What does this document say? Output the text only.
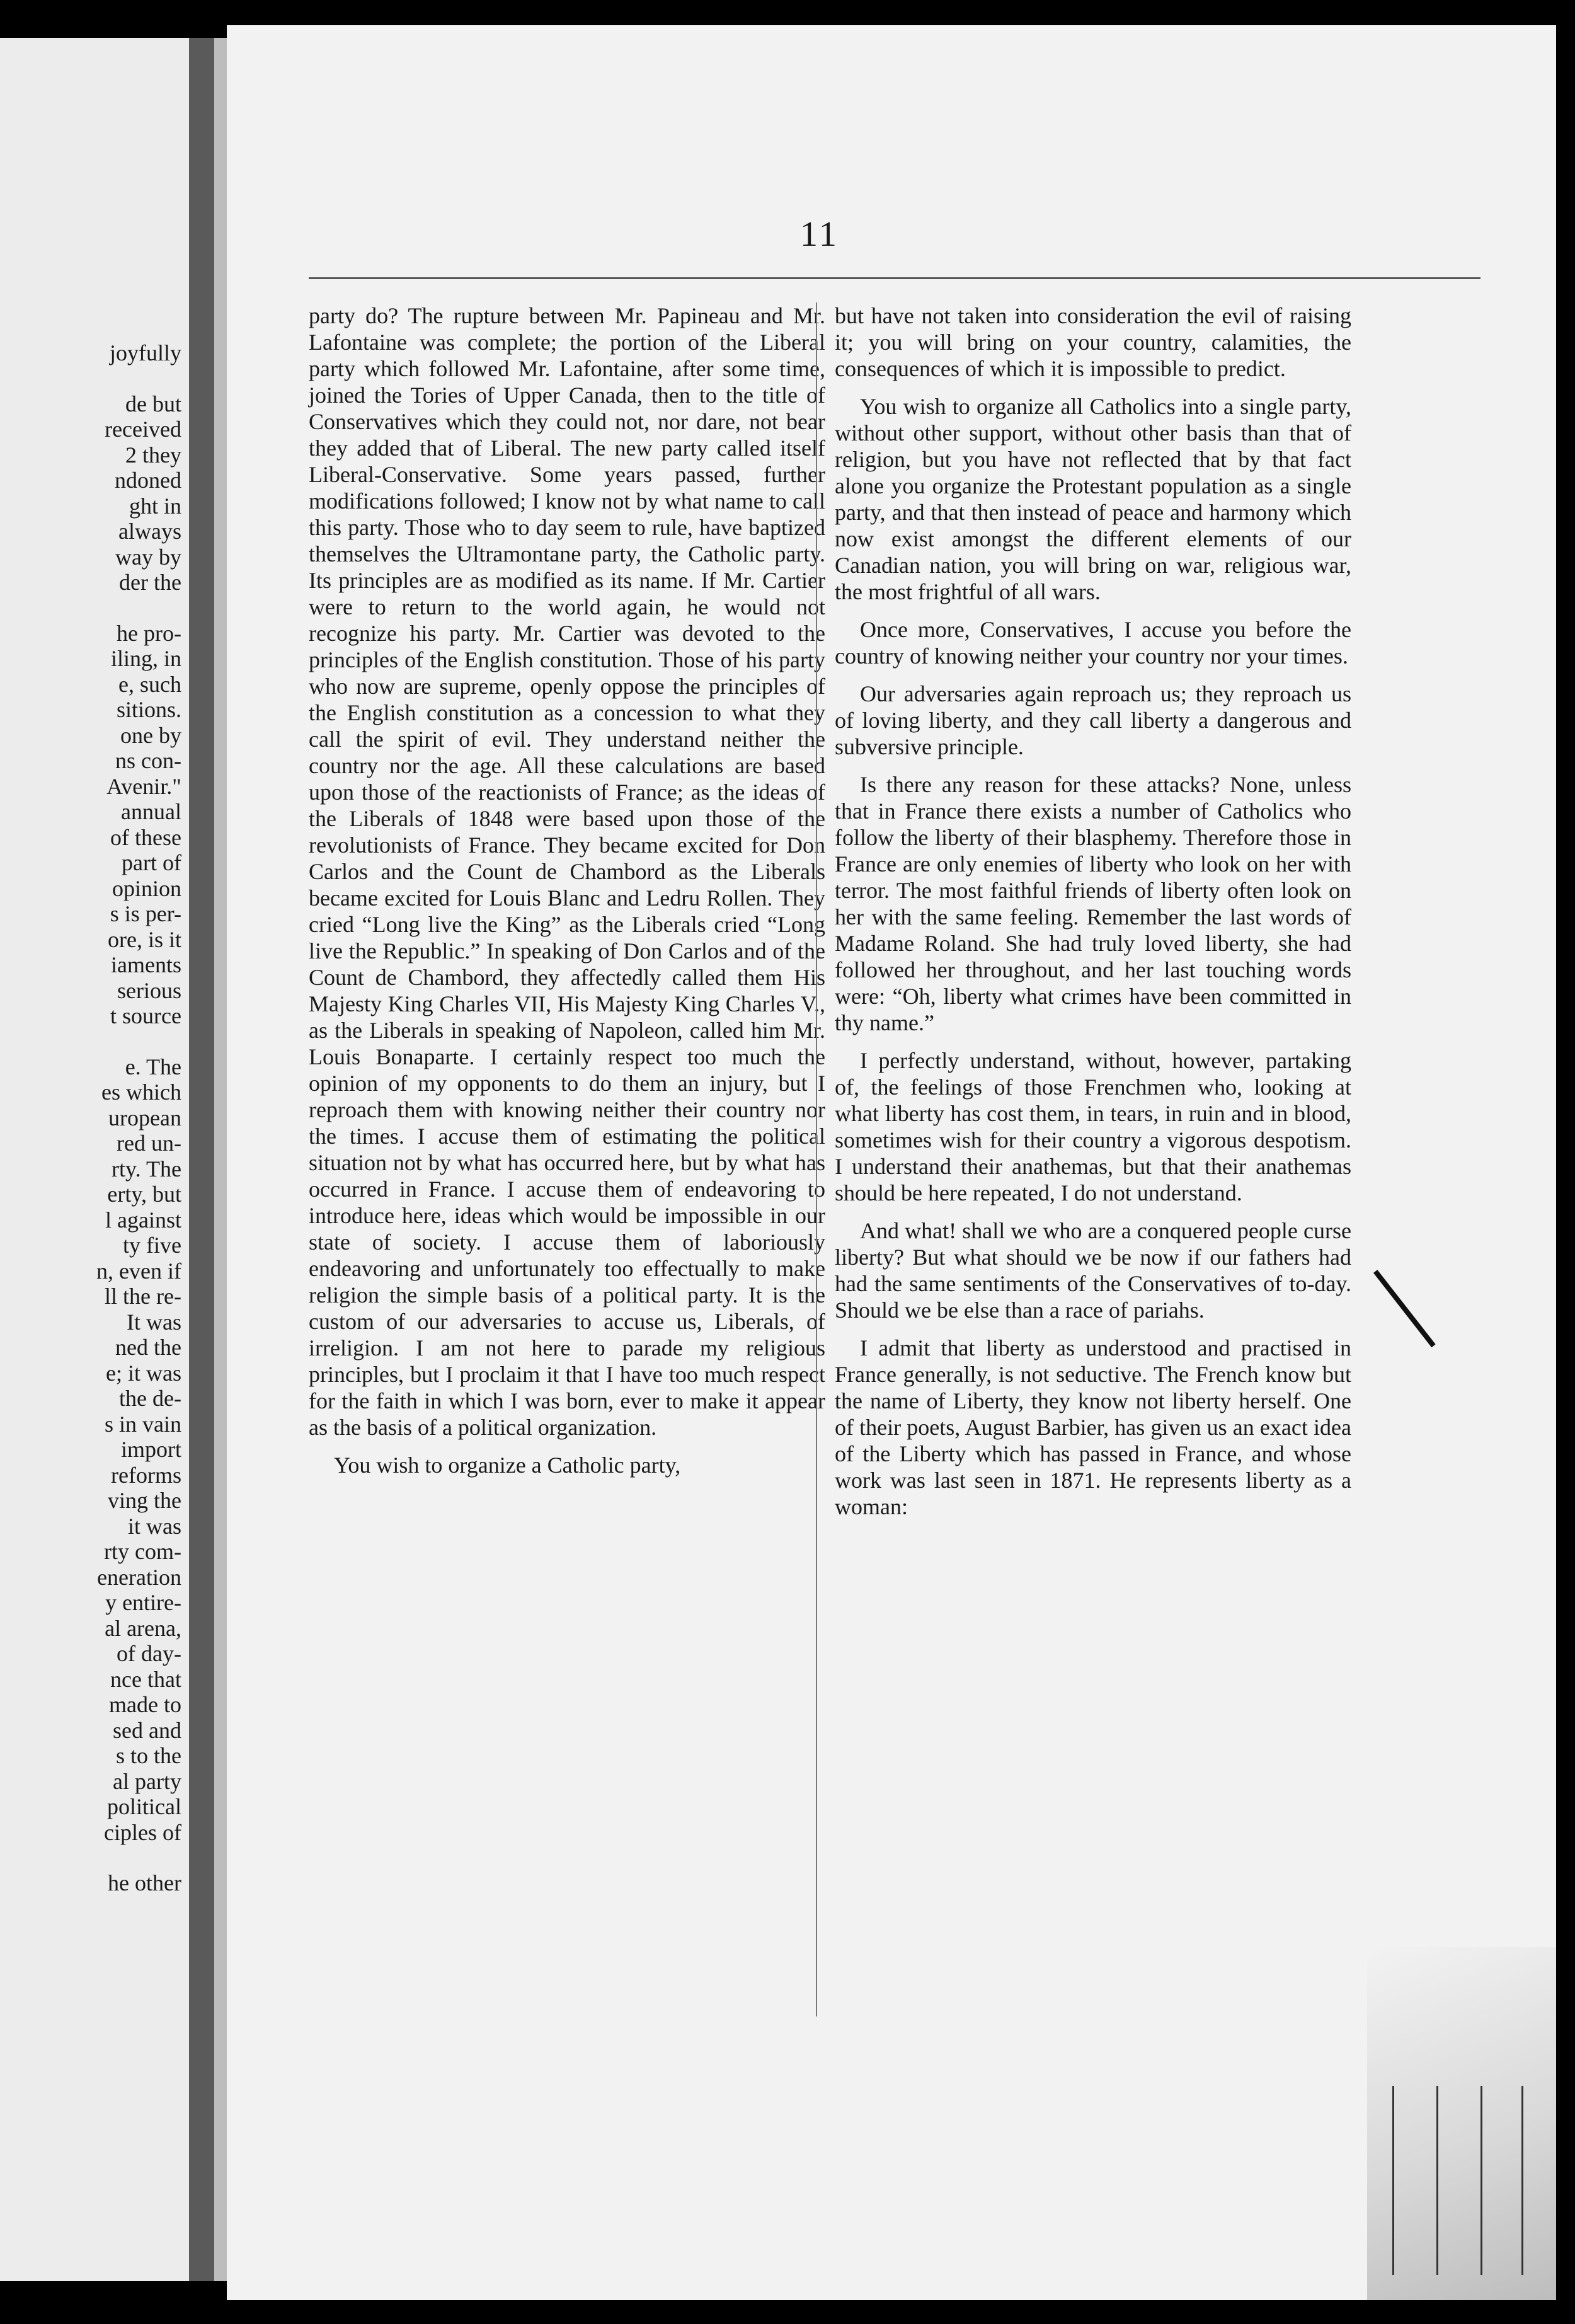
joyfully

de but

received

2 they

ndoned

ght in

always

way by

der the

he pro-

iling, in

e, such

sitions.

one by

ns con-

Avenir."

annual

of these

part of

opinion

s is per-

ore, is it

iaments

serious

t source

e. The

es which

uropean

red un-

rty. The

erty, but

l against

ty five

n, even if

ll the re-

It was

ned the

e; it was

the de-

s in vain

import

reforms

ving the

it was

rty com-

eneration

y entire-

al arena,

of day-

nce that

made to

sed and

s to the

al party

political

ciples of

he other

11

party do? The rupture between Mr. Papineau and Mr. Lafontaine was complete; the portion of the Liberal party which followed Mr. Lafontaine, after some time, joined the Tories of Upper Canada, then to the title of Conservatives which they could not, nor dare, not bear they added that of Liberal. The new party called itself Liberal-Conservative. Some years passed, further modifications followed; I know not by what name to call this party. Those who to day seem to rule, have baptized themselves the Ultramontane party, the Catholic party. Its principles are as modified as its name. If Mr. Cartier were to return to the world again, he would not recognize his party. Mr. Cartier was devoted to the principles of the English constitution. Those of his party who now are supreme, openly oppose the principles of the English constitution as a concession to what they call the spirit of evil. They understand neither the country nor the age. All these calculations are based upon those of the reactionists of France; as the ideas of the Liberals of 1848 were based upon those of the revolutionists of France. They became excited for Don Carlos and the Count de Chambord as the Liberals became excited for Louis Blanc and Ledru Rollen. They cried “Long live the King” as the Liberals cried “Long live the Republic.” In speaking of Don Carlos and of the Count de Chambord, they affectedly called them His Majesty King Charles VII, His Majesty King Charles V., as the Liberals in speaking of Napoleon, called him Mr. Louis Bonaparte. I certainly respect too much the opinion of my opponents to do them an injury, but I reproach them with knowing neither their country nor the times. I accuse them of estimating the political situation not by what has occurred here, but by what has occurred in France. I accuse them of endeavoring to introduce here, ideas which would be impossible in our state of society. I accuse them of laboriously endeavoring and unfortunately too effectually to make religion the simple basis of a political party. It is the custom of our adversaries to accuse us, Liberals, of irreligion. I am not here to parade my religious principles, but I proclaim it that I have too much respect for the faith in which I was born, ever to make it appear as the basis of a political organization.

You wish to organize a Catholic party,

but have not taken into consideration the evil of raising it; you will bring on your country, calamities, the consequences of which it is impossible to predict.

You wish to organize all Catholics into a single party, without other support, without other basis than that of religion, but you have not reflected that by that fact alone you organize the Protestant population as a single party, and that then instead of peace and harmony which now exist amongst the different elements of our Canadian nation, you will bring on war, religious war, the most frightful of all wars.

Once more, Conservatives, I accuse you before the country of knowing neither your country nor your times.

Our adversaries again reproach us; they reproach us of loving liberty, and they call liberty a dangerous and subversive principle.

Is there any reason for these attacks? None, unless that in France there exists a number of Catholics who follow the liberty of their blasphemy. Therefore those in France are only enemies of liberty who look on her with terror. The most faithful friends of liberty often look on her with the same feeling. Remember the last words of Madame Roland. She had truly loved liberty, she had followed her throughout, and her last touching words were: “Oh, liberty what crimes have been committed in thy name.”

I perfectly understand, without, however, partaking of, the feelings of those Frenchmen who, looking at what liberty has cost them, in tears, in ruin and in blood, sometimes wish for their country a vigorous despotism. I understand their anathemas, but that their anathemas should be here repeated, I do not understand.

And what! shall we who are a conquered people curse liberty? But what should we be now if our fathers had had the same sentiments of the Conservatives of to-day. Should we be else than a race of pariahs.

I admit that liberty as understood and practised in France generally, is not seductive. The French know but the name of Liberty, they know not liberty herself. One of their poets, August Barbier, has given us an exact idea of the Liberty which has passed in France, and whose work was last seen in 1871. He represents liberty as a woman:
